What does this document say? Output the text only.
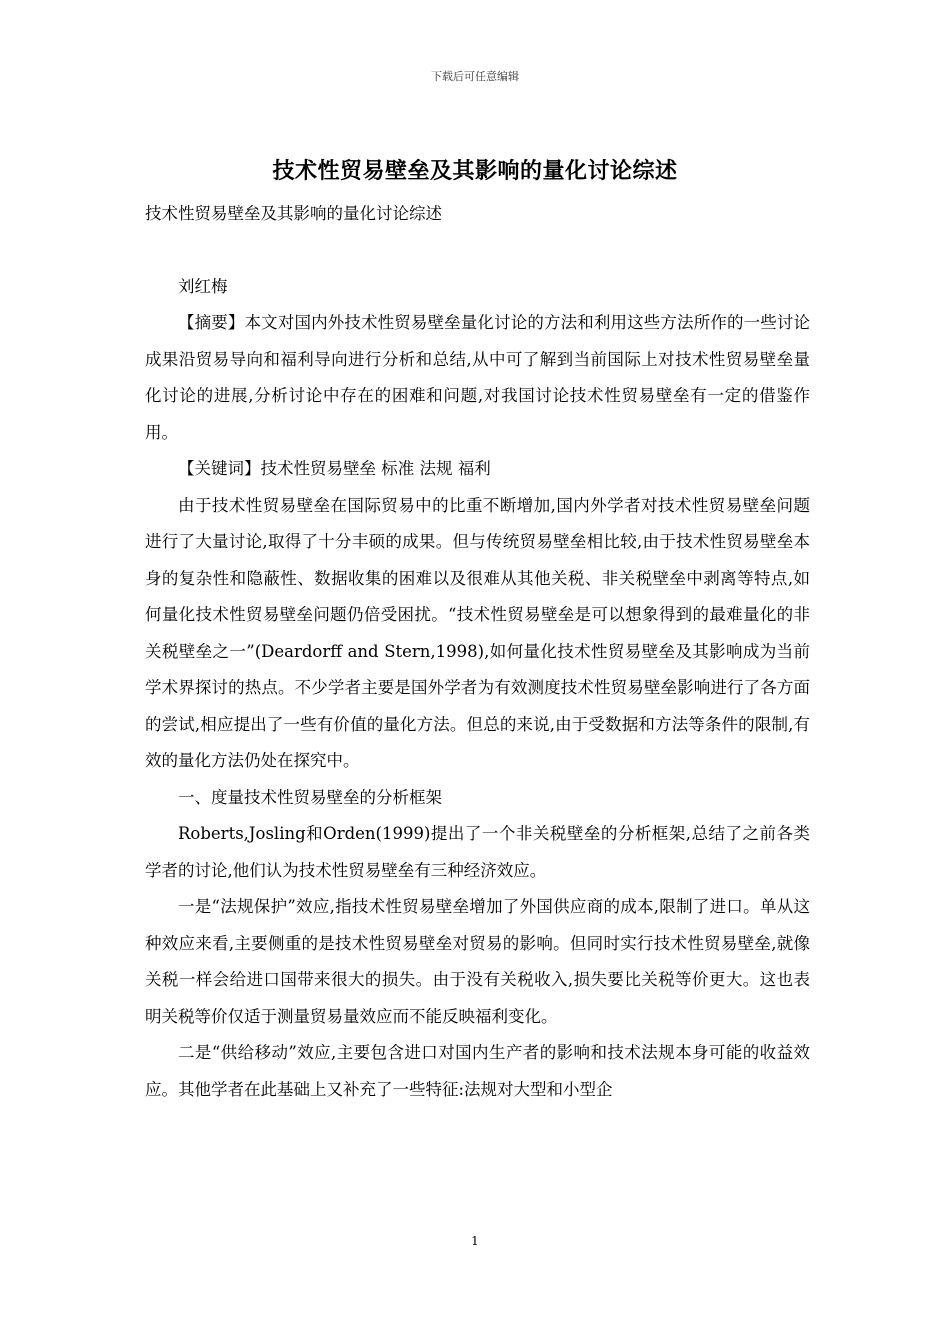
下载后可任意编辑
技术性贸易壁垒及其影响的量化讨论综述

技术性贸易壁垒及其影响的量化讨论综述

刘红梅

【摘要】本文对国内外技术性贸易壁垒量化讨论的方法和利用这些方法所作的一些讨论成果沿贸易导向和福利导向进行分析和总结,从中可了解到当前国际上对技术性贸易壁垒量化讨论的进展,分析讨论中存在的困难和问题,对我国讨论技术性贸易壁垒有一定的借鉴作用。

【关键词】技术性贸易壁垒 标准 法规 福利

由于技术性贸易壁垒在国际贸易中的比重不断增加,国内外学者对技术性贸易壁垒问题进行了大量讨论,取得了十分丰硕的成果。但与传统贸易壁垒相比较,由于技术性贸易壁垒本身的复杂性和隐蔽性、数据收集的困难以及很难从其他关税、非关税壁垒中剥离等特点,如何量化技术性贸易壁垒问题仍倍受困扰。“技术性贸易壁垒是可以想象得到的最难量化的非关税壁垒之一”(Deardorff and Stern,1998),如何量化技术性贸易壁垒及其影响成为当前学术界探讨的热点。不少学者主要是国外学者为有效测度技术性贸易壁垒影响进行了各方面的尝试,相应提出了一些有价值的量化方法。但总的来说,由于受数据和方法等条件的限制,有效的量化方法仍处在探究中。

一、度量技术性贸易壁垒的分析框架

Roberts,Josling和Orden(1999)提出了一个非关税壁垒的分析框架,总结了之前各类学者的讨论,他们认为技术性贸易壁垒有三种经济效应。

一是“法规保护”效应,指技术性贸易壁垒增加了外国供应商的成本,限制了进口。单从这种效应来看,主要侧重的是技术性贸易壁垒对贸易的影响。但同时实行技术性贸易壁垒,就像关税一样会给进口国带来很大的损失。由于没有关税收入,损失要比关税等价更大。这也表明关税等价仅适于测量贸易量效应而不能反映福利变化。

二是“供给移动”效应,主要包含进口对国内生产者的影响和技术法规本身可能的收益效应。其他学者在此基础上又补充了一些特征:法规对大型和小型企

1
